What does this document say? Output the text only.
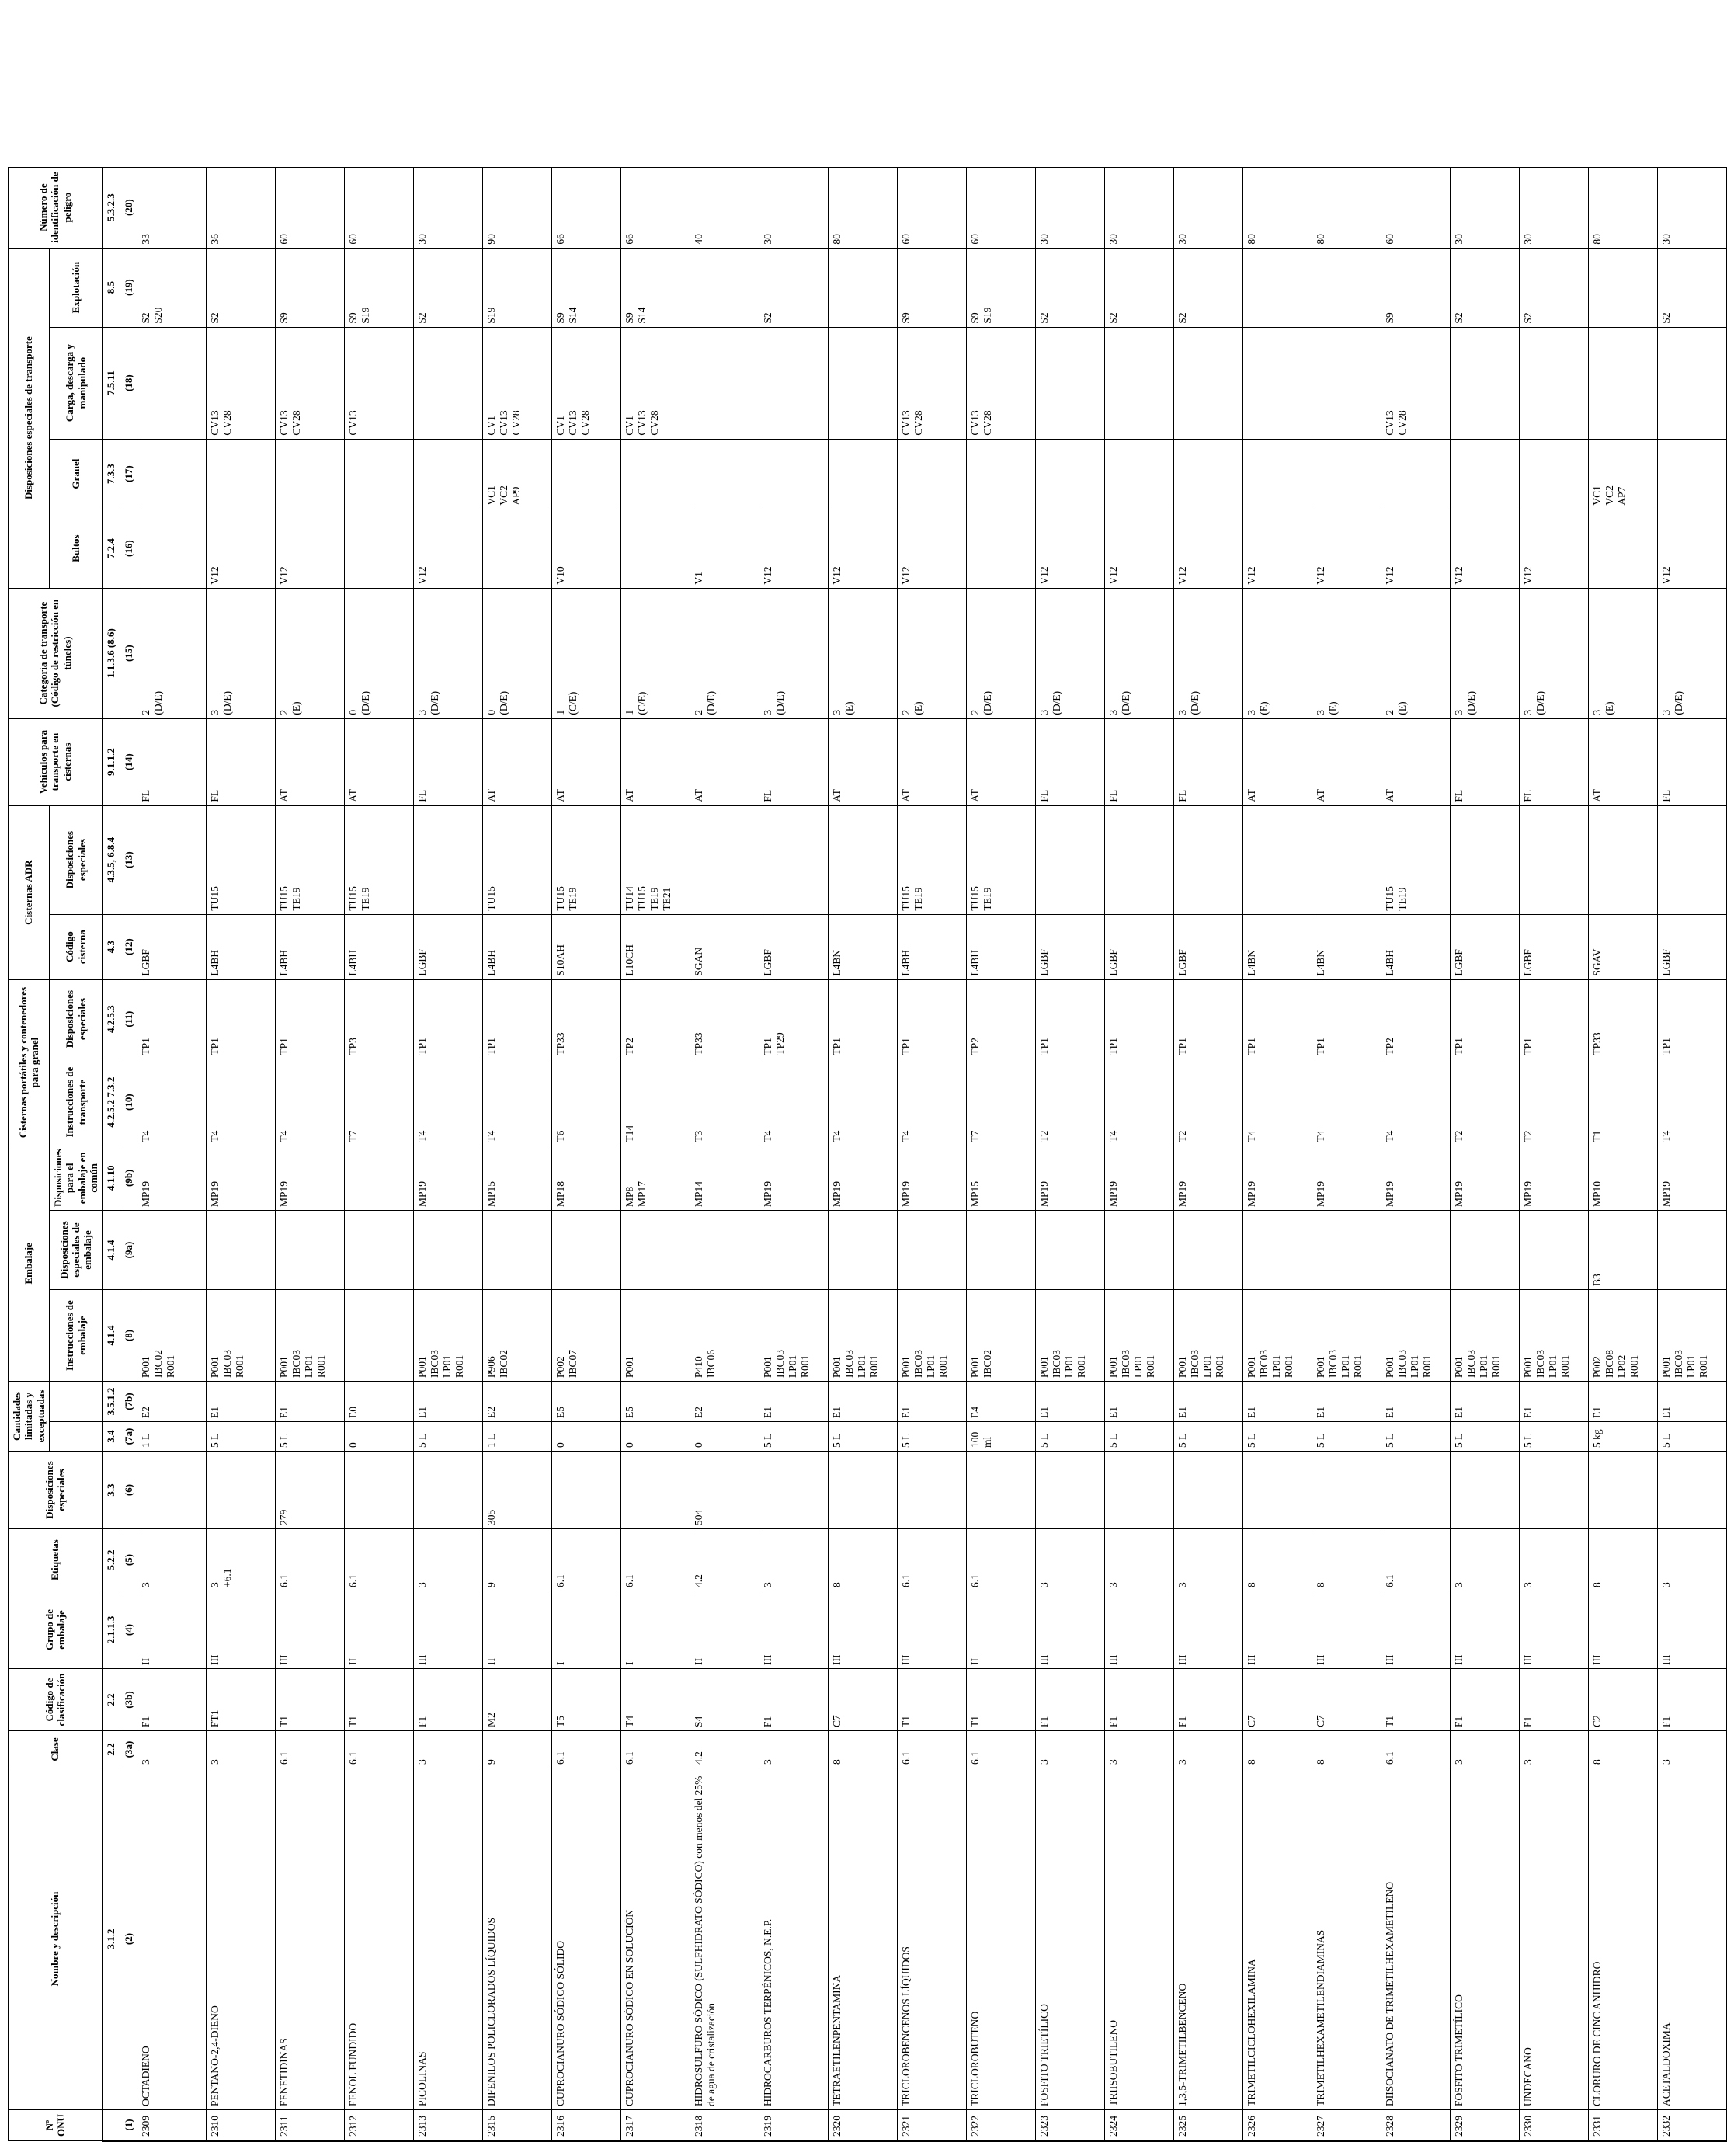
Nº ONU	Nombre y descripción	Clase	Código de clasificación	Grupo de embalaje	Etiquetas	Disposiciones especiales	Cantidades limitadas y exceptuadas		Embalaje			Cisternas portátiles y contenedores para granel		Cisternas ADR		Vehículos para transporte en cisternas	Categoría de transporte (Código de restricción en túneles)	Disposiciones especiales de transporte				Número de identificación de peligro
									Instrucciones de embalaje	Disposiciones especiales de embalaje	Disposiciones para el embalaje en común	Instrucciones de transporte	Disposiciones especiales	Código cisterna	Disposiciones especiales			Bultos	Granel	Carga, descarga y manipulado	Explotación	
	3.1.2	2.2	2.2	2.1.1.3	5.2.2	3.3	3.4	3.5.1.2	4.1.4	4.1.4	4.1.10	4.2.5.2 7.3.2	4.2.5.3	4.3	4.3.5, 6.8.4	9.1.1.2	1.1.3.6 (8.6)	7.2.4	7.3.3	7.5.11	8.5	5.3.2.3
(1)	(2)	(3a)	(3b)	(4)	(5)	(6)	(7a)	(7b)	(8)	(9a)	(9b)	(10)	(11)	(12)	(13)	(14)	(15)	(16)	(17)	(18)	(19)	(20)
2309	OCTADIENO	3	F1	II	3		1 L	E2	P001 IBC02 R001		MP19	T4	TP1	LGBF		FL	2 (D/E)				S2 S20	33
2310	PENTANO-2,4-DIENO	3	FT1	III	3 +6.1		5 L	E1	P001 IBC03 R001		MP19	T4	TP1	L4BH	TU15	FL	3 (D/E)	V12		CV13 CV28	S2	36
2311	FENETIDINAS	6.1	T1	III	6.1	279	5 L	E1	P001 IBC03 LP01 R001		MP19	T4	TP1	L4BH	TU15 TE19	AT	2 (E)	V12		CV13 CV28	S9	60
2312	FENOL FUNDIDO	6.1	T1	II	6.1		0	E0				T7	TP3	L4BH	TU15 TE19	AT	0 (D/E)			CV13	S9 S19	60
2313	PICOLINAS	3	F1	III	3		5 L	E1	P001 IBC03 LP01 R001		MP19	T4	TP1	LGBF		FL	3 (D/E)	V12			S2	30
2315	DIFENILOS POLICLORADOS LÍQUIDOS	9	M2	II	9	305	1 L	E2	P906 IBC02		MP15	T4	TP1	L4BH	TU15	AT	0 (D/E)		VC1 VC2 AP9	CV1 CV13 CV28	S19	90
2316	CUPROCIANURO SÓDICO SÓLIDO	6.1	T5	I	6.1		0	E5	P002 IBC07		MP18	T6	TP33	S10AH	TU15 TE19	AT	1 (C/E)	V10		CV1 CV13 CV28	S9 S14	66
2317	CUPROCIANURO SÓDICO EN SOLUCIÓN	6.1	T4	I	6.1		0	E5	P001		MP8 MP17	T14	TP2	L10CH	TU14 TU15 TE19 TE21	AT	1 (C/E)			CV1 CV13 CV28	S9 S14	66
2318	HIDROSULFURO SÓDICO (SULFHIDRATO SÓDICO) con menos del 25% de agua de cristalización	4.2	S4	II	4.2	504	0	E2	P410 IBC06		MP14	T3	TP33	SGAN		AT	2 (D/E)	V1				40
2319	HIDROCARBUROS TERPÉNICOS, N.E.P.	3	F1	III	3		5 L	E1	P001 IBC03 LP01 R001		MP19	T4	TP1 TP29	LGBF		FL	3 (D/E)	V12			S2	30
2320	TETRAETILENPENTAMINA	8	C7	III	8		5 L	E1	P001 IBC03 LP01 R001		MP19	T4	TP1	L4BN		AT	3 (E)	V12				80
2321	TRICLOROBENCENOS LÍQUIDOS	6.1	T1	III	6.1		5 L	E1	P001 IBC03 LP01 R001		MP19	T4	TP1	L4BH	TU15 TE19	AT	2 (E)	V12		CV13 CV28	S9	60
2322	TRICLOROBUTENO	6.1	T1	II	6.1		100 ml	E4	P001 IBC02		MP15	T7	TP2	L4BH	TU15 TE19	AT	2 (D/E)			CV13 CV28	S9 S19	60
2323	FOSFITO TRIETÍLICO	3	F1	III	3		5 L	E1	P001 IBC03 LP01 R001		MP19	T2	TP1	LGBF		FL	3 (D/E)	V12			S2	30
2324	TRIISOBUTILENO	3	F1	III	3		5 L	E1	P001 IBC03 LP01 R001		MP19	T4	TP1	LGBF		FL	3 (D/E)	V12			S2	30
2325	1,3,5-TRIMETILBENCENO	3	F1	III	3		5 L	E1	P001 IBC03 LP01 R001		MP19	T2	TP1	LGBF		FL	3 (D/E)	V12			S2	30
2326	TRIMETILCICLOHEXILAMINA	8	C7	III	8		5 L	E1	P001 IBC03 LP01 R001		MP19	T4	TP1	L4BN		AT	3 (E)	V12				80
2327	TRIMETILHEXAMETILENDIAMINAS	8	C7	III	8		5 L	E1	P001 IBC03 LP01 R001		MP19	T4	TP1	L4BN		AT	3 (E)	V12				80
2328	DIISOCIANATO DE TRIMETILHEXAMETILENO	6.1	T1	III	6.1		5 L	E1	P001 IBC03 LP01 R001		MP19	T4	TP2	L4BH	TU15 TE19	AT	2 (E)	V12		CV13 CV28	S9	60
2329	FOSFITO TRIMETÍLICO	3	F1	III	3		5 L	E1	P001 IBC03 LP01 R001		MP19	T2	TP1	LGBF		FL	3 (D/E)	V12			S2	30
2330	UNDECANO	3	F1	III	3		5 L	E1	P001 IBC03 LP01 R001		MP19	T2	TP1	LGBF		FL	3 (D/E)	V12			S2	30
2331	CLORURO DE CINC ANHIDRO	8	C2	III	8		5 kg	E1	P002 IBC08 LP02 R001	B3	MP10	T1	TP33	SGAV		AT	3 (E)		VC1 VC2 AP7			80
2332	ACETALDOXIMA	3	F1	III	3		5 L	E1	P001 IBC03 LP01 R001		MP19	T4	TP1	LGBF		FL	3 (D/E)	V12			S2	30
